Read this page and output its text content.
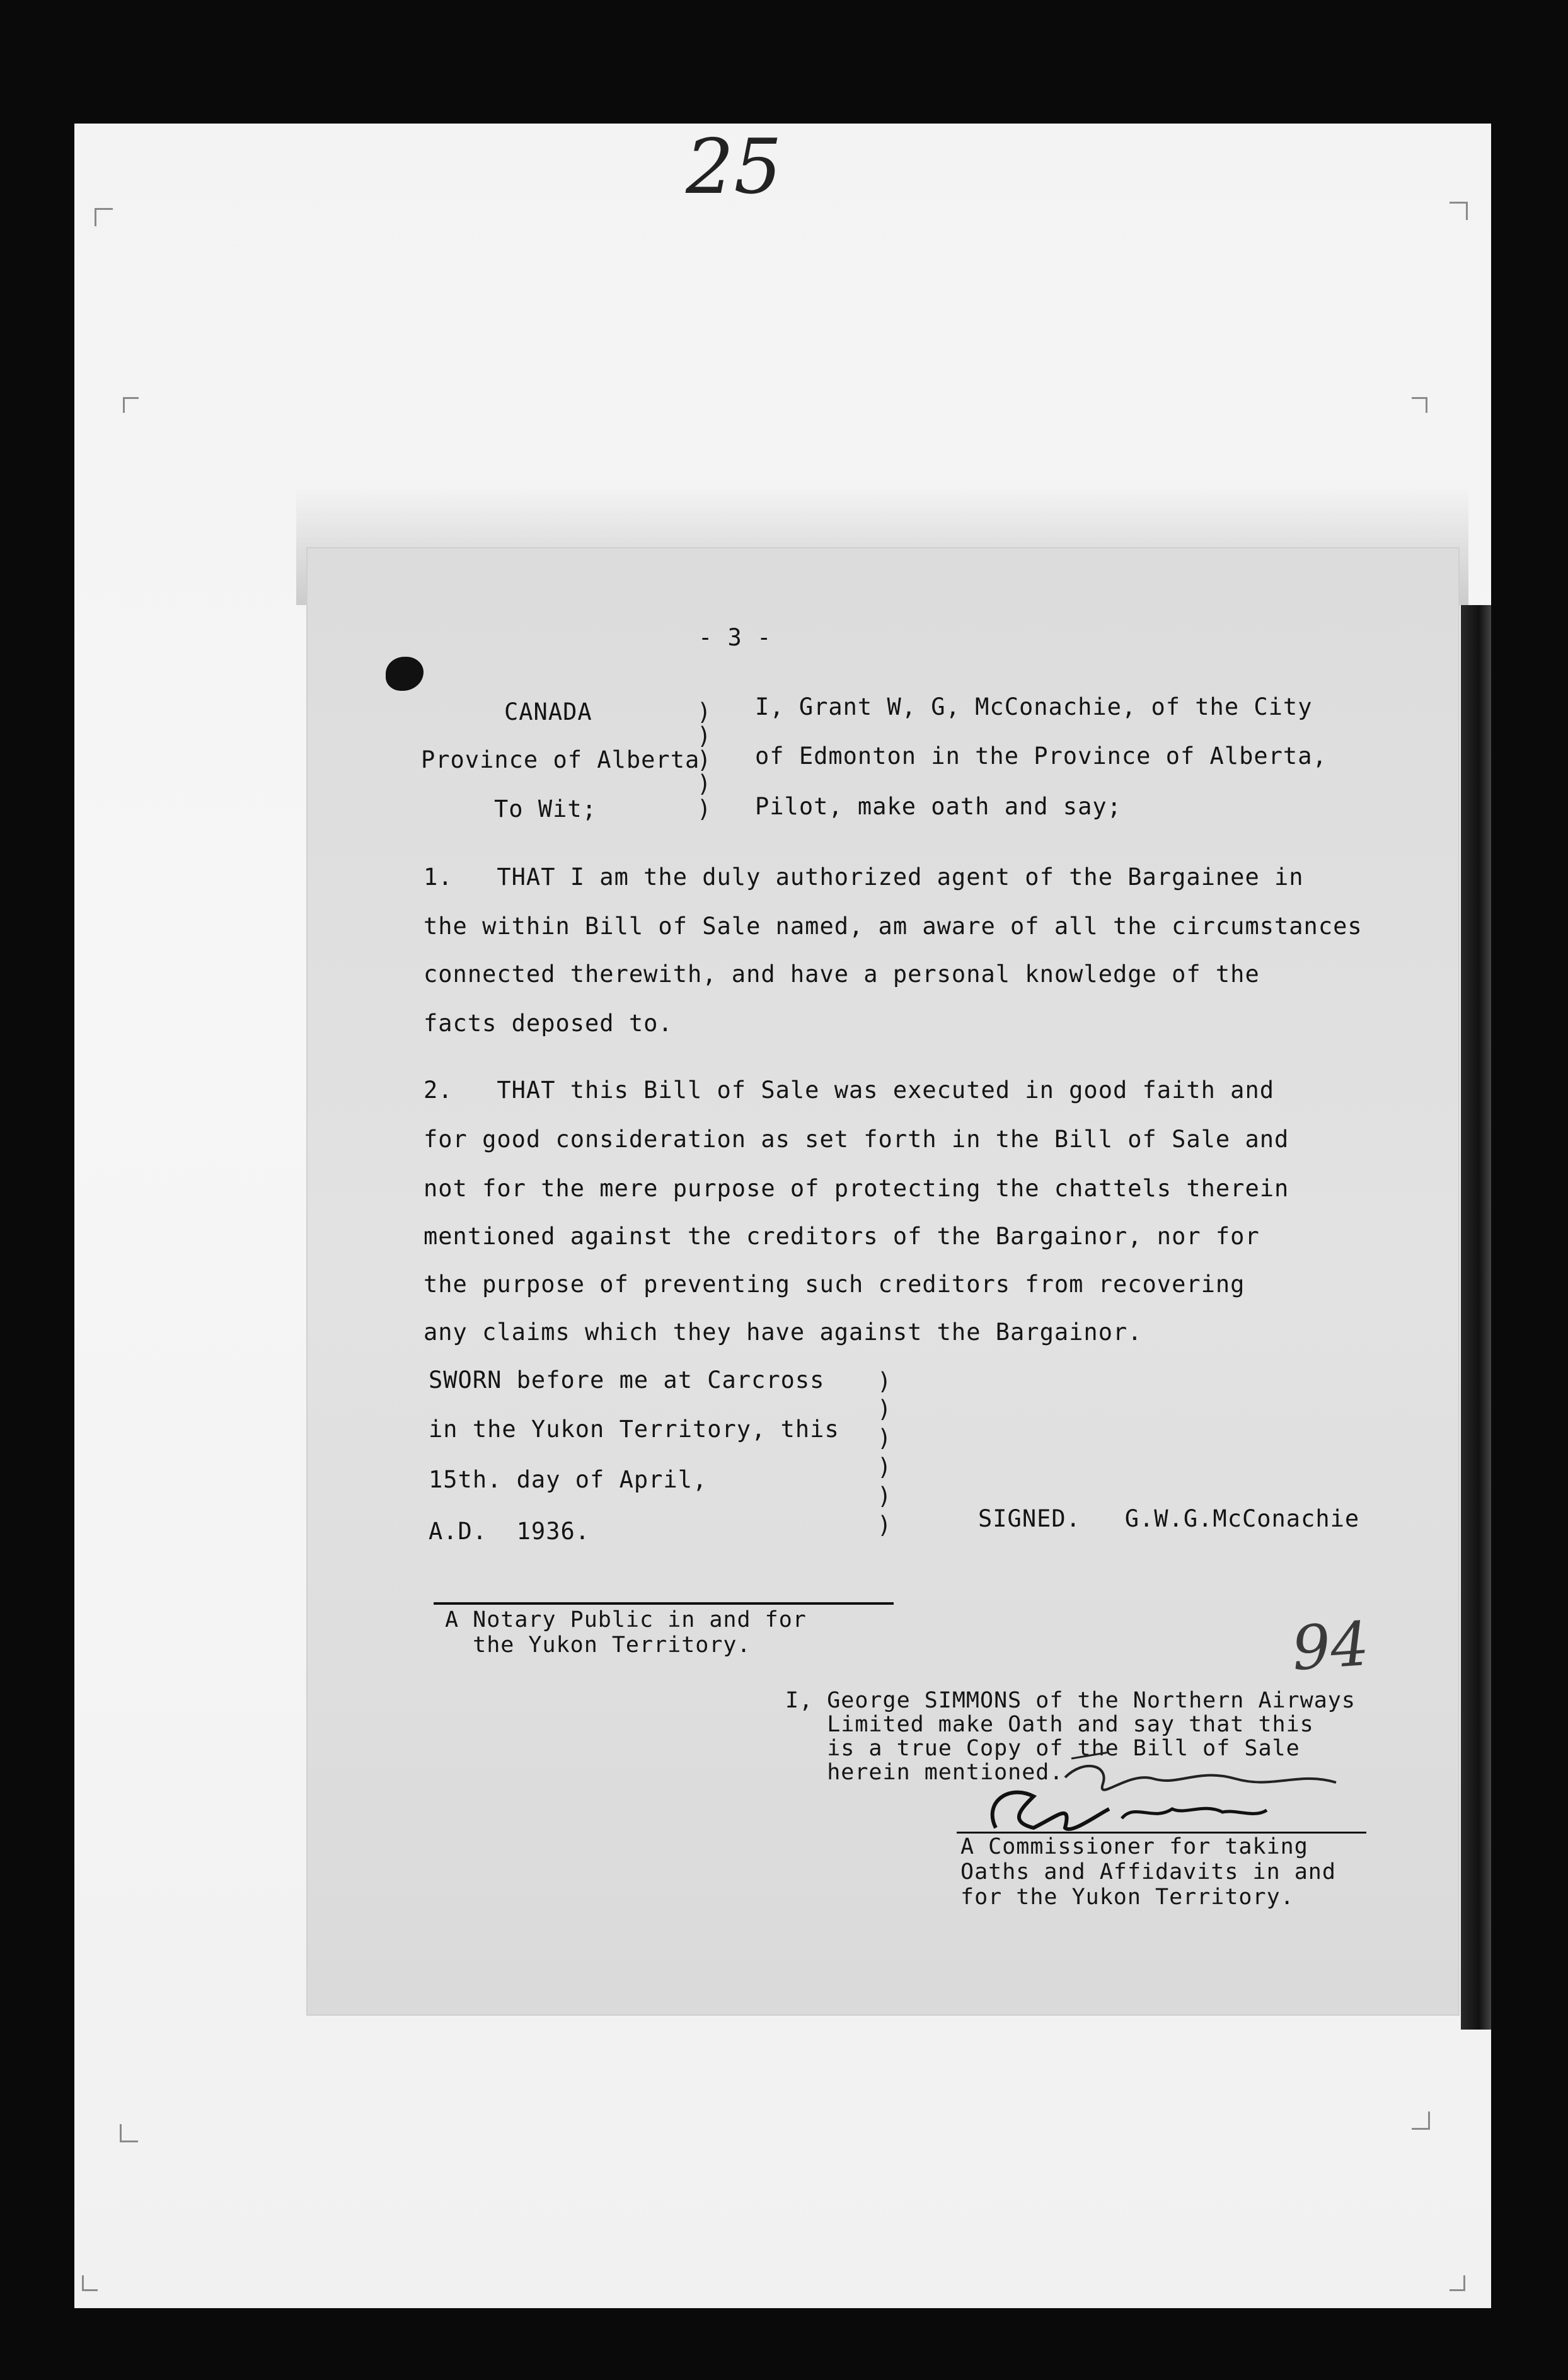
25
- 3 -
CANADA
Province of Alberta
To Wit;
)
)
)
)
)
I, Grant W, G, McConachie, of the City
of Edmonton in the Province of Alberta,
Pilot, make oath and say;
1.   THAT I am the duly authorized agent of the Bargainee in
the within Bill of Sale named, am aware of all the circumstances
connected therewith, and have a personal knowledge of the
facts deposed to.
2.   THAT this Bill of Sale was executed in good faith and
for good consideration as set forth in the Bill of Sale and
not for the mere purpose of protecting the chattels therein
mentioned against the creditors of the Bargainor, nor for
the purpose of preventing such creditors from recovering
any claims which they have against the Bargainor.
SWORN before me at Carcross
in the Yukon Territory, this
15th. day of April,
A.D.  1936.
)
)
)
)
)
)	SIGNED.   G.W.G.McConachie
A Notary Public in and for
the Yukon Territory.	94
I, George SIMMONS of the Northern Airways
Limited make Oath and say that this
is a true Copy of the Bill of Sale
herein mentioned.
A Commissioner for taking
Oaths and Affidavits in and
for the Yukon Territory.
